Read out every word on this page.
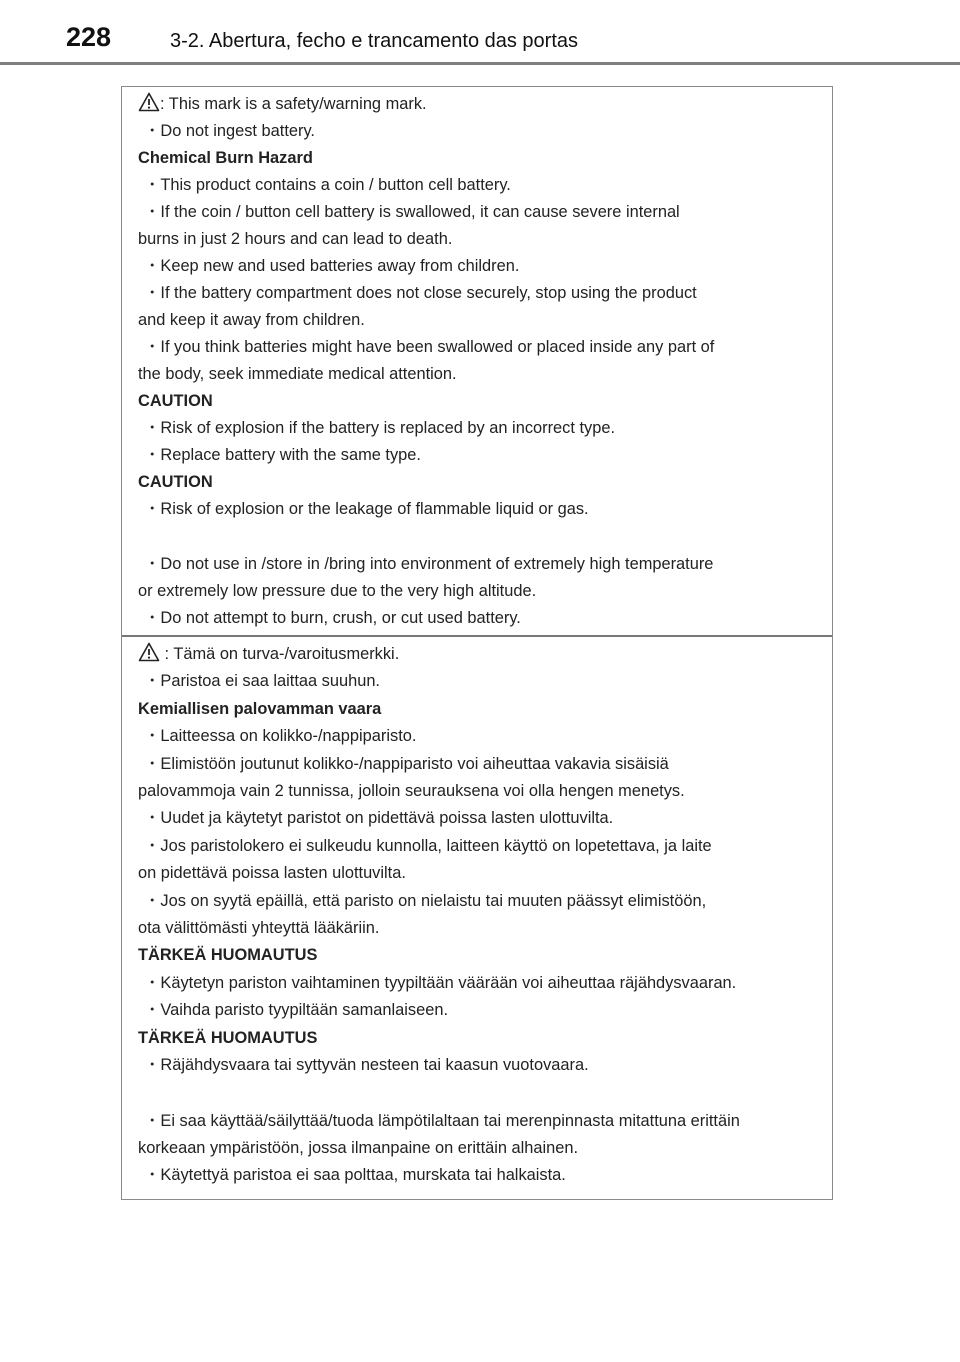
228	3-2. Abertura, fecho e trancamento das portas
: This mark is a safety/warning mark.
・Do not ingest battery.
Chemical Burn Hazard
・This product contains a coin / button cell battery.
・If the coin / button cell battery is swallowed, it can cause severe internal
burns in just 2 hours and can lead to death.
・Keep new and used batteries away from children.
・If the battery compartment does not close securely, stop using the product
and keep it away from children.
・If you think batteries might have been swallowed or placed inside any part of
the body, seek immediate medical attention.
CAUTION
・Risk of explosion if the battery is replaced by an incorrect type.
・Replace battery with the same type.
CAUTION
・Risk of explosion or the leakage of flammable liquid or gas.
・Do not use in /store in /bring into environment of extremely high temperature
or extremely low pressure due to the very high altitude.
・Do not attempt to burn, crush, or cut used battery.
: Tämä on turva-/varoitusmerkki.
・Paristoa ei saa laittaa suuhun.
Kemiallisen palovamman vaara
・Laitteessa on kolikko-/nappiparisto.
・Elimistöön joutunut kolikko-/nappiparisto voi aiheuttaa vakavia sisäisiä
palovammoja vain 2 tunnissa, jolloin seurauksena voi olla hengen menetys.
・Uudet ja käytetyt paristot on pidettävä poissa lasten ulottuvilta.
・Jos paristolokero ei sulkeudu kunnolla, laitteen käyttö on lopetettava, ja laite
on pidettävä poissa lasten ulottuvilta.
・Jos on syytä epäillä, että paristo on nielaistu tai muuten päässyt elimistöön,
ota välittömästi yhteyttä lääkäriin.
TÄRKEÄ HUOMAUTUS
・Käytetyn pariston vaihtaminen tyypiltään väärään voi aiheuttaa räjähdysvaaran.
・Vaihda paristo tyypiltään samanlaiseen.
TÄRKEÄ HUOMAUTUS
・Räjähdysvaara tai syttyvän nesteen tai kaasun vuotovaara.
・Ei saa käyttää/säilyttää/tuoda lämpötilaltaan tai merenpinnasta mitattuna erittäin
korkeaan ympäristöön, jossa ilmanpaine on erittäin alhainen.
・Käytettyä paristoa ei saa polttaa, murskata tai halkaista.
